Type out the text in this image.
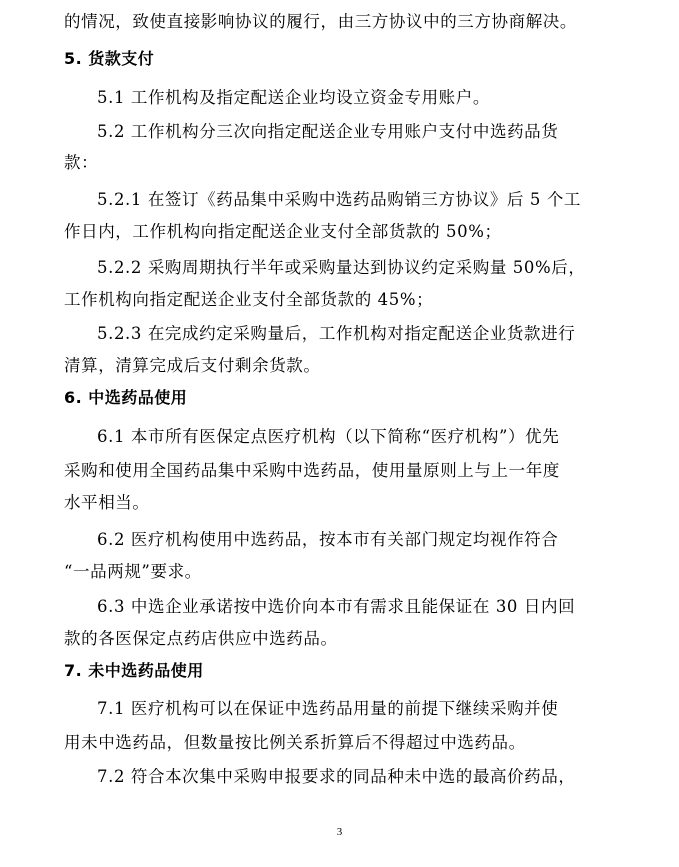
的情况，致使直接影响协议的履行，由三方协议中的三方协商解决。
5. 货款支付
5.1 工作机构及指定配送企业均设立资金专用账户。
5.2 工作机构分三次向指定配送企业专用账户支付中选药品货
款：
5.2.1 在签订《药品集中采购中选药品购销三方协议》后 5 个工
作日内，工作机构向指定配送企业支付全部货款的 50%；
5.2.2 采购周期执行半年或采购量达到协议约定采购量 50%后，
工作机构向指定配送企业支付全部货款的 45%；
5.2.3 在完成约定采购量后，工作机构对指定配送企业货款进行
清算，清算完成后支付剩余货款。
6. 中选药品使用
6.1 本市所有医保定点医疗机构（以下简称“医疗机构”）优先
采购和使用全国药品集中采购中选药品，使用量原则上与上一年度
水平相当。
6.2 医疗机构使用中选药品，按本市有关部门规定均视作符合
“一品两规”要求。
6.3 中选企业承诺按中选价向本市有需求且能保证在 30 日内回
款的各医保定点药店供应中选药品。
7. 未中选药品使用
7.1 医疗机构可以在保证中选药品用量的前提下继续采购并使
用未中选药品，但数量按比例关系折算后不得超过中选药品。
7.2 符合本次集中采购申报要求的同品种未中选的最高价药品，
3
